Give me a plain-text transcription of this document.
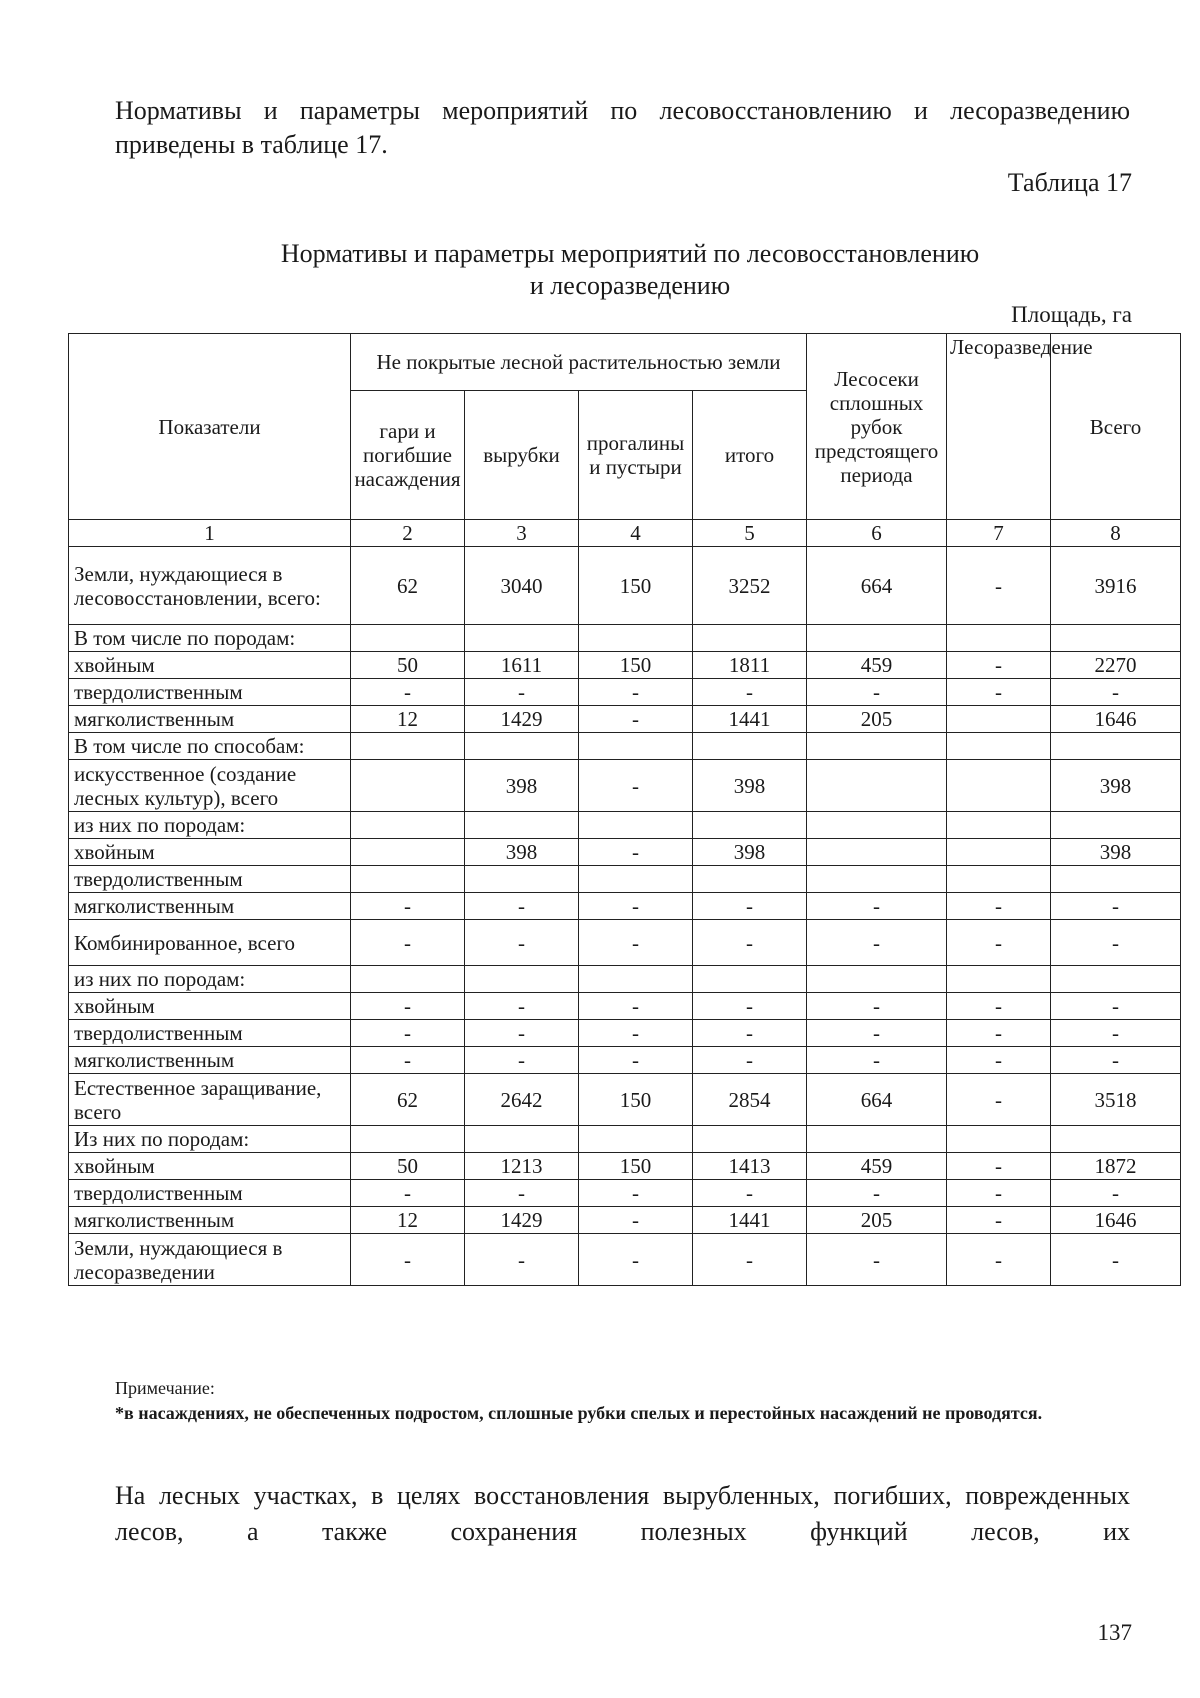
Нормативы и параметры мероприятий по лесовосстановлению и лесоразведению приведены в таблице 17.

Таблица 17
Нормативы и параметры мероприятий по лесовосстановлению
и лесоразведению
Площадь, га
Показатели	Не покрытые лесной растительностью земли				Лесосеки сплошных рубок предстоящего периода	Лесоразведение	Всего
	гари и погибшие насаждения	вырубки	прогалины и пустыри	итого			
1	2	3	4	5	6	7	8
Земли, нуждающиеся в лесовосстановлении, всего:	62	3040	150	3252	664	-	3916
В том числе по породам:							
хвойным	50	1611	150	1811	459	-	2270
твердолиственным	-	-	-	-	-	-	-
мягколиственным	12	1429	-	1441	205		1646
В том числе по способам:							
искусственное (создание лесных культур), всего		398	-	398			398
из них по породам:							
хвойным		398	-	398			398
твердолиственным							
мягколиственным	-	-	-	-	-	-	-
Комбинированное, всего	-	-	-	-	-	-	-
из них по породам:							
хвойным	-	-	-	-	-	-	-
твердолиственным	-	-	-	-	-	-	-
мягколиственным	-	-	-	-	-	-	-
Естественное заращивание, всего	62	2642	150	2854	664	-	3518
Из них по породам:							
хвойным	50	1213	150	1413	459	-	1872
твердолиственным	-	-	-	-	-	-	-
мягколиственным	12	1429	-	1441	205	-	1646
Земли, нуждающиеся в лесоразведении	-	-	-	-	-	-	-
Примечание:
*в насаждениях, не обеспеченных подростом, сплошные рубки спелых и перестойных насаждений не проводятся.

На лесных участках, в целях восстановления вырубленных, погибших, поврежденных лесов, а также сохранения полезных функций лесов, их

137
